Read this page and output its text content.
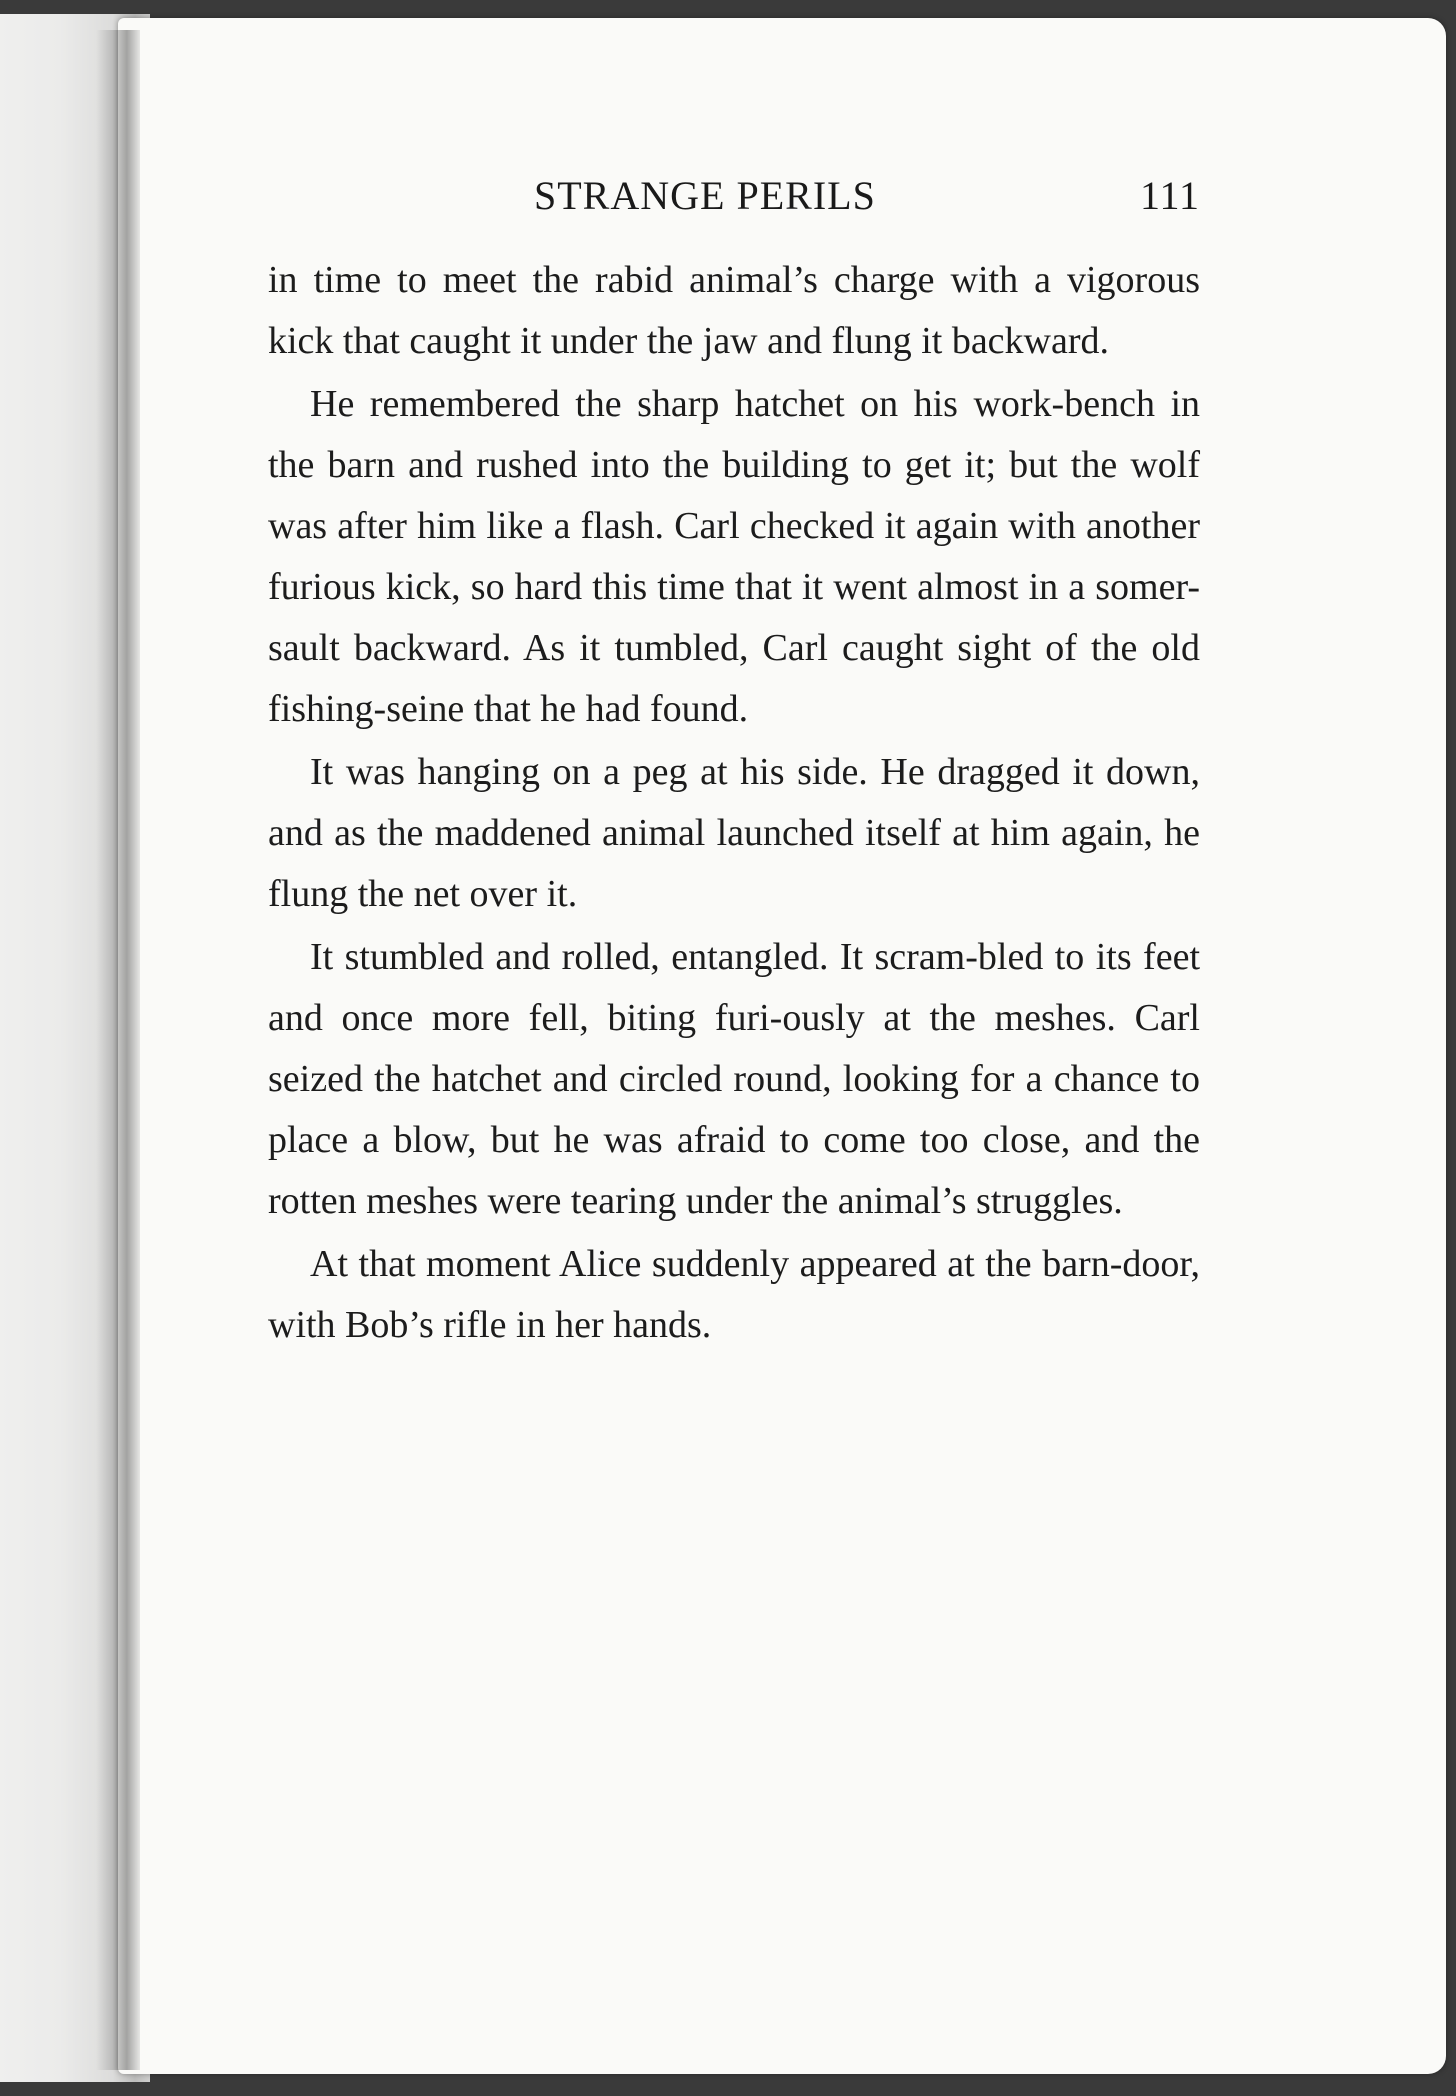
STRANGE PERILS	111

in time to meet the rabid animal’s charge with a vigorous kick that caught it under the jaw and flung it backward.

He remembered the sharp hatchet on his work-bench in the barn and rushed into the building to get it; but the wolf was after him like a flash. Carl checked it again with another furious kick, so hard this time that it went almost in a somer-sault backward. As it tumbled, Carl caught sight of the old fishing-seine that he had found.

It was hanging on a peg at his side. He dragged it down, and as the maddened animal launched itself at him again, he flung the net over it.

It stumbled and rolled, entangled. It scram-bled to its feet and once more fell, biting furi-ously at the meshes. Carl seized the hatchet and circled round, looking for a chance to place a blow, but he was afraid to come too close, and the rotten meshes were tearing under the animal’s struggles.

At that moment Alice suddenly appeared at the barn-door, with Bob’s rifle in her hands.
